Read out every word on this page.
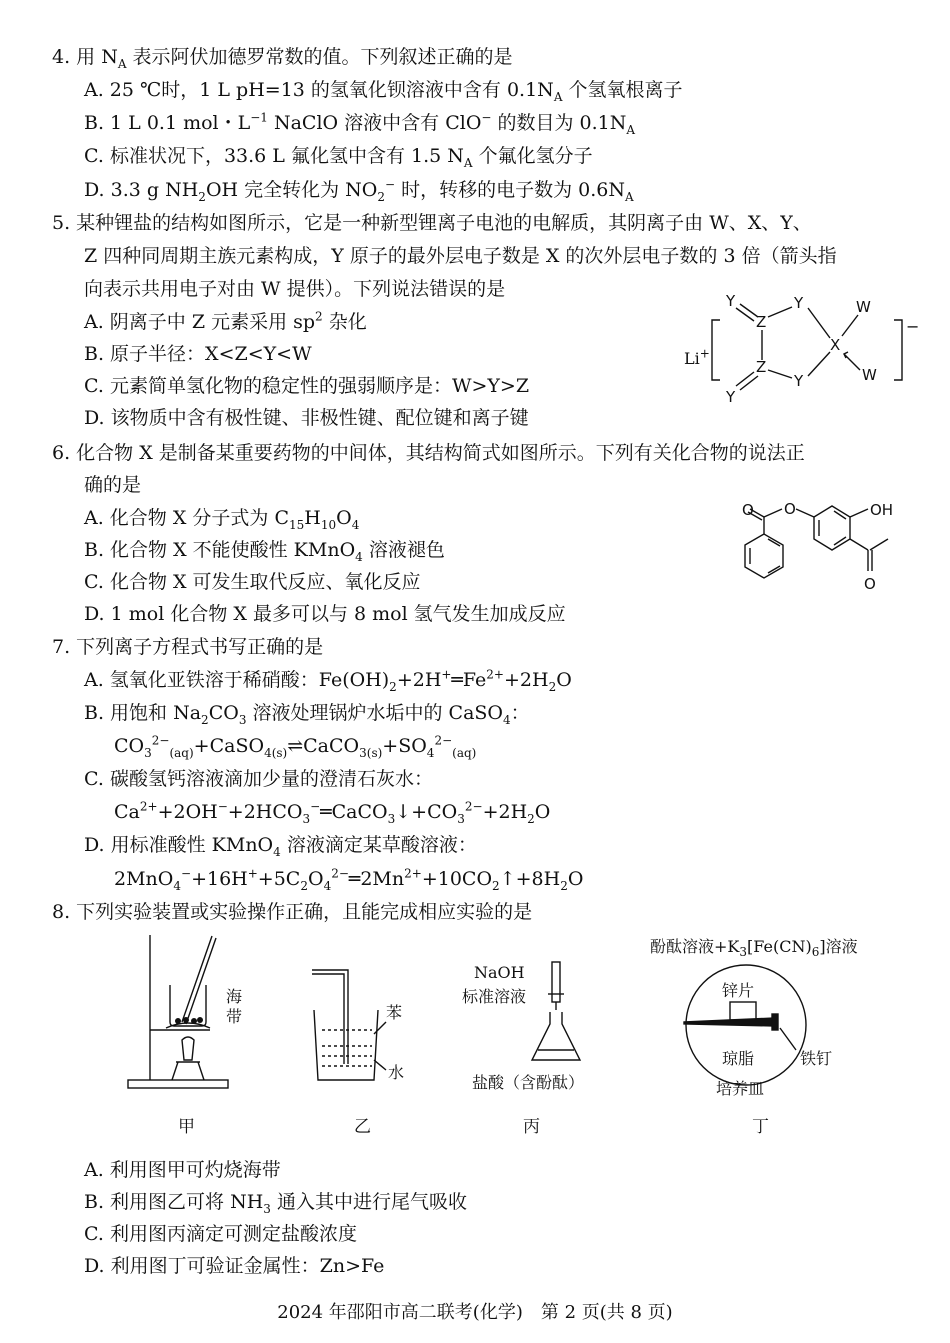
4. 用 $N_A$ 表示阿伏加德罗常数的值。下列叙述正确的是
A. 25 ℃时，1 L pH=13 的氢氧化钡溶液中含有 $0.1N_A$ 个氢氧根离子
B. 1 L 0.1 mol・$L^{-1}$ NaClO 溶液中含有 ClO− 的数目为 $0.1N_A$
C. 标准状况下，33.6 L 氟化氢中含有 1.5 $N_A$ 个氟化氢分子
D. 3.3 g $NH_2OH$ 完全转化为 $NO_2^-$ 时，转移的电子数为 $0.6N_A$
5. 某种锂盐的结构如图所示，它是一种新型锂离子电池的电解质，其阴离子由 W、X、Y、
Z 四种同周期主族元素构成，Y 原子的最外层电子数是 X 的次外层电子数的 3 倍（箭头指
向表示共用电子对由 W 提供）。下列说法错误的是
A. 阴离子中 Z 元素采用 $sp^2$ 杂化
B. 原子半径：X<Z<Y<W
C. 元素简单氢化物的稳定性的强弱顺序是：W>Y>Z
D. 该物质中含有极性键、非极性键、配位键和离子键
Y
Z
Y	W
X
Z
Y	W
Y
−
Li+
6. 化合物 X 是制备某重要药物的中间体，其结构简式如图所示。下列有关化合物的说法正
确的是
A. 化合物 X 分子式为 $C_{15}H_{10}O_4$
B. 化合物 X 不能使酸性 KMnO$_4$ 溶液褪色
C. 化合物 X 可发生取代反应、氧化反应
D. 1 mol 化合物 X 最多可以与 8 mol 氢气发生加成反应
O O	OH
O
7. 下列离子方程式书写正确的是
A. 氢氧化亚铁溶于稀硝酸：$Fe(OH)_2+2H^+═Fe^{2+}+2H_2O$
B. 用饱和 $Na_2CO_3$ 溶液处理锅炉水垢中的 CaSO$_4$：
$CO_3^{2-}_{(aq)}+CaSO_{4(s)}\rightleftharpoons CaCO_{3(s)}+SO_4^{2-}_{(aq)}$
C. 碳酸氢钙溶液滴加少量的澄清石灰水：
$Ca^{2+}+2OH^-+2HCO_3^-═CaCO_3↓+CO_3^{2-}+2H_2O$
D. 用标准酸性 KMnO$_4$ 溶液滴定某草酸溶液：
$2MnO_4^-+16H^++5C_2O_4^{2-}═2Mn^{2+}+10CO_2↑+8H_2O$
8. 下列实验装置或实验操作正确，且能完成相应实验的是
海带
甲
苯
水
乙
NaOH
标准溶液
盐酸（含酚酞）
丙
酚酞溶液$+K_3[Fe(CN)_6]$溶液
锌片
琼脂	铁钉
培养皿
丁
A. 利用图甲可灼烧海带
B. 利用图乙可将 $NH_3$ 通入其中进行尾气吸收
C. 利用图丙滴定可测定盐酸浓度
D. 利用图丁可验证金属性：Zn>Fe
2024 年邵阳市高二联考(化学)　第 2 页(共 8 页)
